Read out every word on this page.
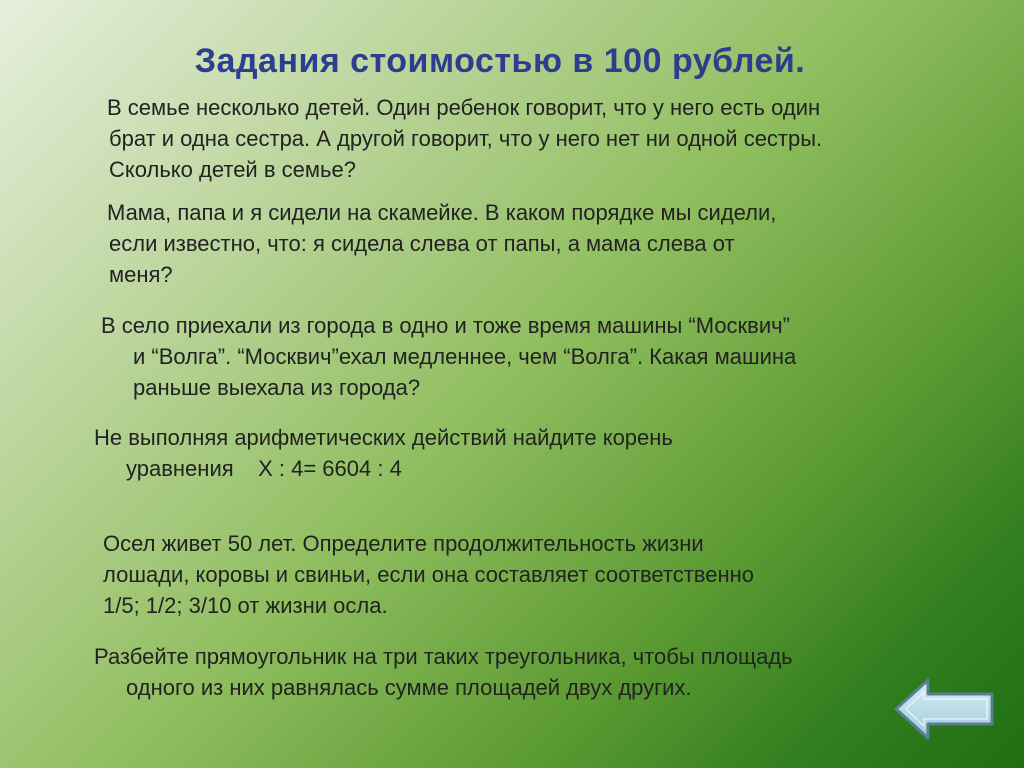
Задания стоимостью в 100 рублей.
В семье несколько детей. Один ребенок говорит, что у него есть один
брат и одна сестра. А другой говорит, что у него нет ни одной сестры.
Сколько детей в семье?
Мама, папа и я сидели на скамейке. В каком порядке мы сидели,
если известно, что: я сидела слева от папы, а мама слева от
меня?
В село приехали из города в одно и тоже время машины “Москвич”
и “Волга”. “Москвич”ехал медленнее, чем “Волга”. Какая машина
раньше выехала из города?
Не выполняя арифметических действий найдите корень
уравнения    Х : 4= 6604 : 4
Осел живет 50 лет. Определите продолжительность жизни
лошади, коровы и свиньи, если она составляет соответственно
1/5; 1/2; 3/10 от жизни осла.
Разбейте прямоугольник на три таких треугольника, чтобы площадь
одного из них равнялась сумме площадей двух других.
